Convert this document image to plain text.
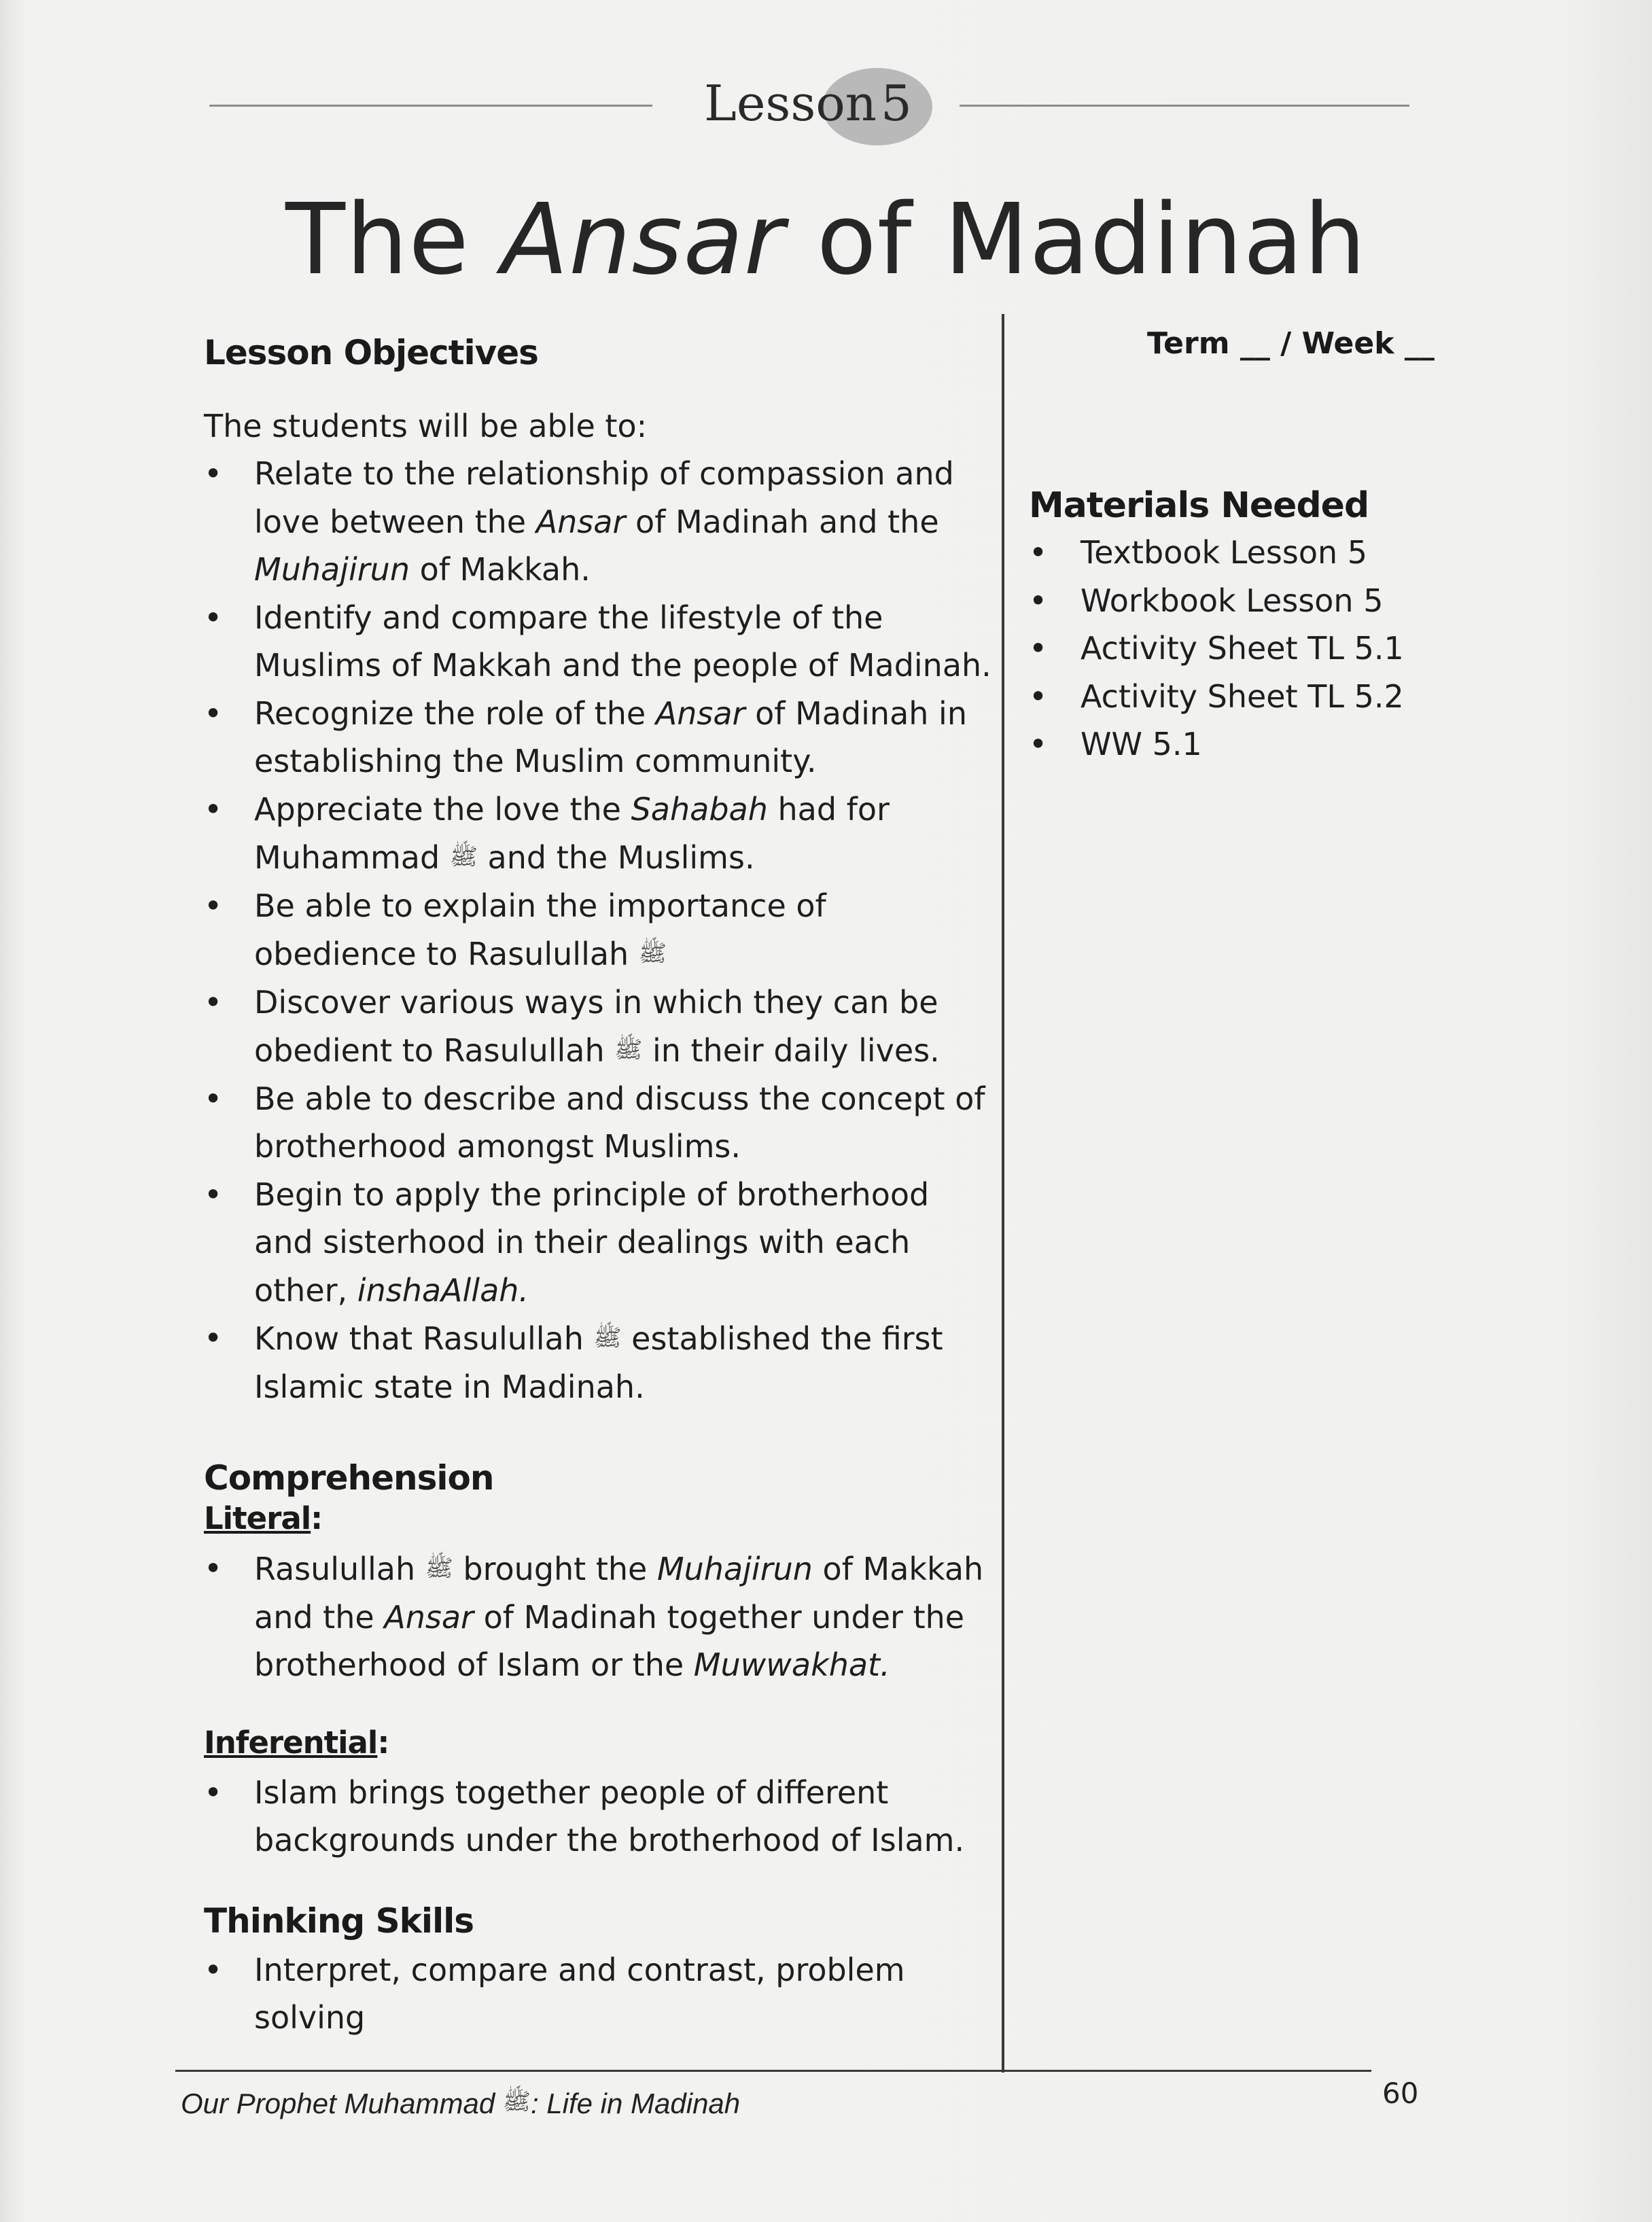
Lesson 5
The Ansar of Madinah
Lesson Objectives
The students will be able to:
• Relate to the relationship of compassion and love between the Ansar of Madinah and the Muhajirun of Makkah.
• Identify and compare the lifestyle of the Muslims of Makkah and the people of Madinah.
• Recognize the role of the Ansar of Madinah in establishing the Muslim community.
• Appreciate the love the Sahabah had for Muhammad ﷺ and the Muslims.
• Be able to explain the importance of obedience to Rasulullah ﷺ
• Discover various ways in which they can be obedient to Rasulullah ﷺ in their daily lives.
• Be able to describe and discuss the concept of brotherhood amongst Muslims.
• Begin to apply the principle of brotherhood and sisterhood in their dealings with each other, inshaAllah.
• Know that Rasulullah ﷺ established the first Islamic state in Madinah.
Comprehension
Literal:
• Rasulullah ﷺ brought the Muhajirun of Makkah and the Ansar of Madinah together under the brotherhood of Islam or the Muwwakhat.
Inferential:
• Islam brings together people of different backgrounds under the brotherhood of Islam.
Thinking Skills
• Interpret, compare and contrast, problem solving
Term __ / Week __
Materials Needed
• Textbook Lesson 5
• Workbook Lesson 5
• Activity Sheet TL 5.1
• Activity Sheet TL 5.2
• WW 5.1
Our Prophet Muhammad ﷺ: Life in Madinah	60
